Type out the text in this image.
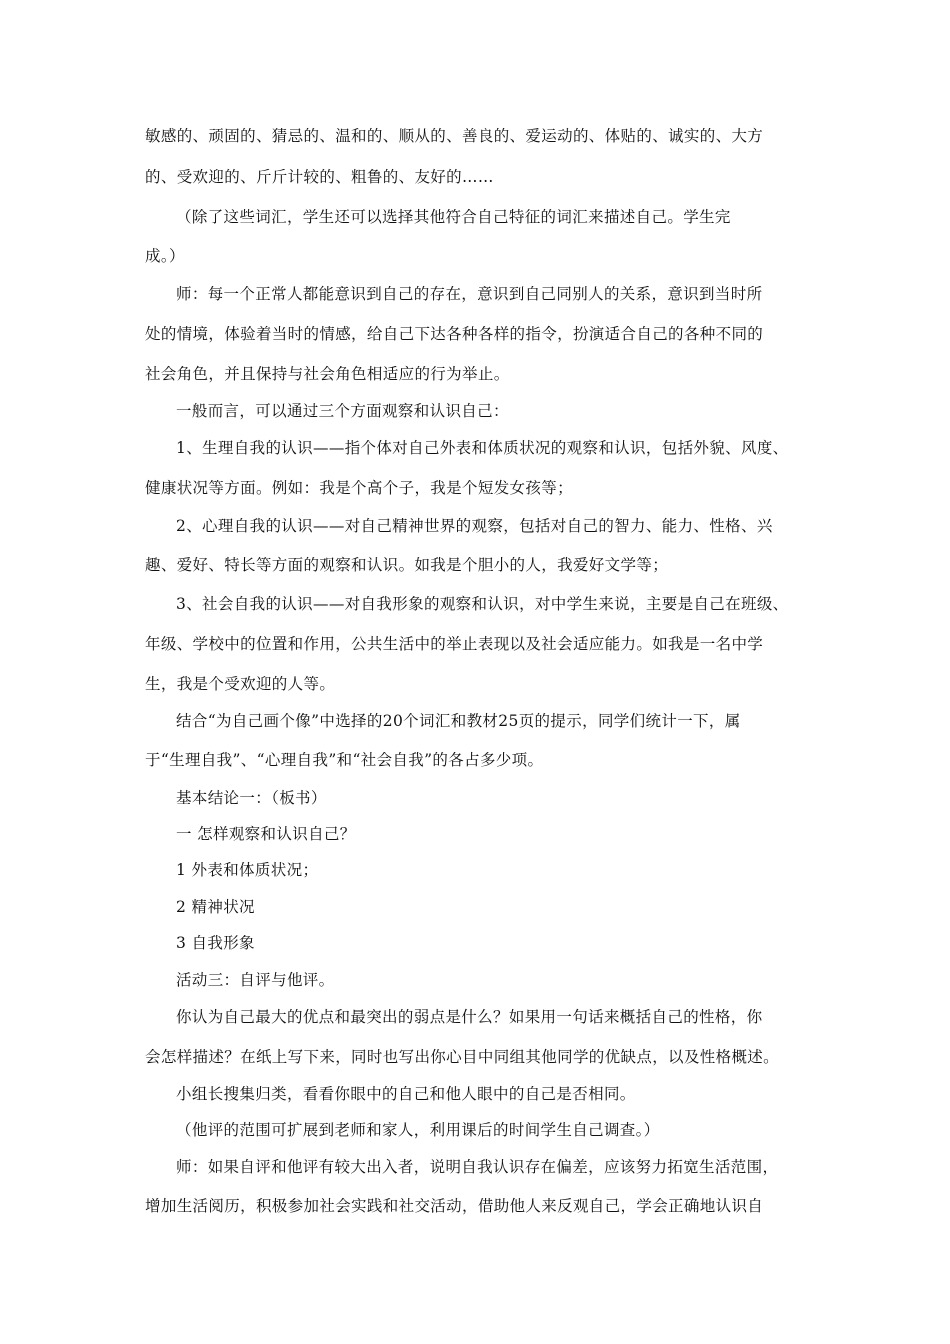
敏感的、顽固的、猜忌的、温和的、顺从的、善良的、爱运动的、体贴的、诚实的、大方
的、受欢迎的、斤斤计较的、粗鲁的、友好的……
（除了这些词汇，学生还可以选择其他符合自己特征的词汇来描述自己。学生完
成。）
师：每一个正常人都能意识到自己的存在，意识到自己同别人的关系，意识到当时所
处的情境，体验着当时的情感，给自己下达各种各样的指令，扮演适合自己的各种不同的
社会角色，并且保持与社会角色相适应的行为举止。
一般而言，可以通过三个方面观察和认识自己：
1、生理自我的认识——指个体对自己外表和体质状况的观察和认识，包括外貌、风度、
健康状况等方面。例如：我是个高个子，我是个短发女孩等；
2、心理自我的认识——对自己精神世界的观察，包括对自己的智力、能力、性格、兴
趣、爱好、特长等方面的观察和认识。如我是个胆小的人，我爱好文学等；
3、社会自我的认识——对自我形象的观察和认识，对中学生来说，主要是自己在班级、
年级、学校中的位置和作用，公共生活中的举止表现以及社会适应能力。如我是一名中学
生，我是个受欢迎的人等。
结合“为自己画个像”中选择的20个词汇和教材25页的提示，同学们统计一下，属
于“生理自我”、“心理自我”和“社会自我”的各占多少项。
基本结论一：（板书）
一 怎样观察和认识自己？
1 外表和体质状况；
2 精神状况
3 自我形象
活动三：自评与他评。
你认为自己最大的优点和最突出的弱点是什么？如果用一句话来概括自己的性格，你
会怎样描述？在纸上写下来，同时也写出你心目中同组其他同学的优缺点，以及性格概述。
小组长搜集归类，看看你眼中的自己和他人眼中的自己是否相同。
（他评的范围可扩展到老师和家人，利用课后的时间学生自己调查。）
师：如果自评和他评有较大出入者，说明自我认识存在偏差，应该努力拓宽生活范围，
增加生活阅历，积极参加社会实践和社交活动，借助他人来反观自己，学会正确地认识自
